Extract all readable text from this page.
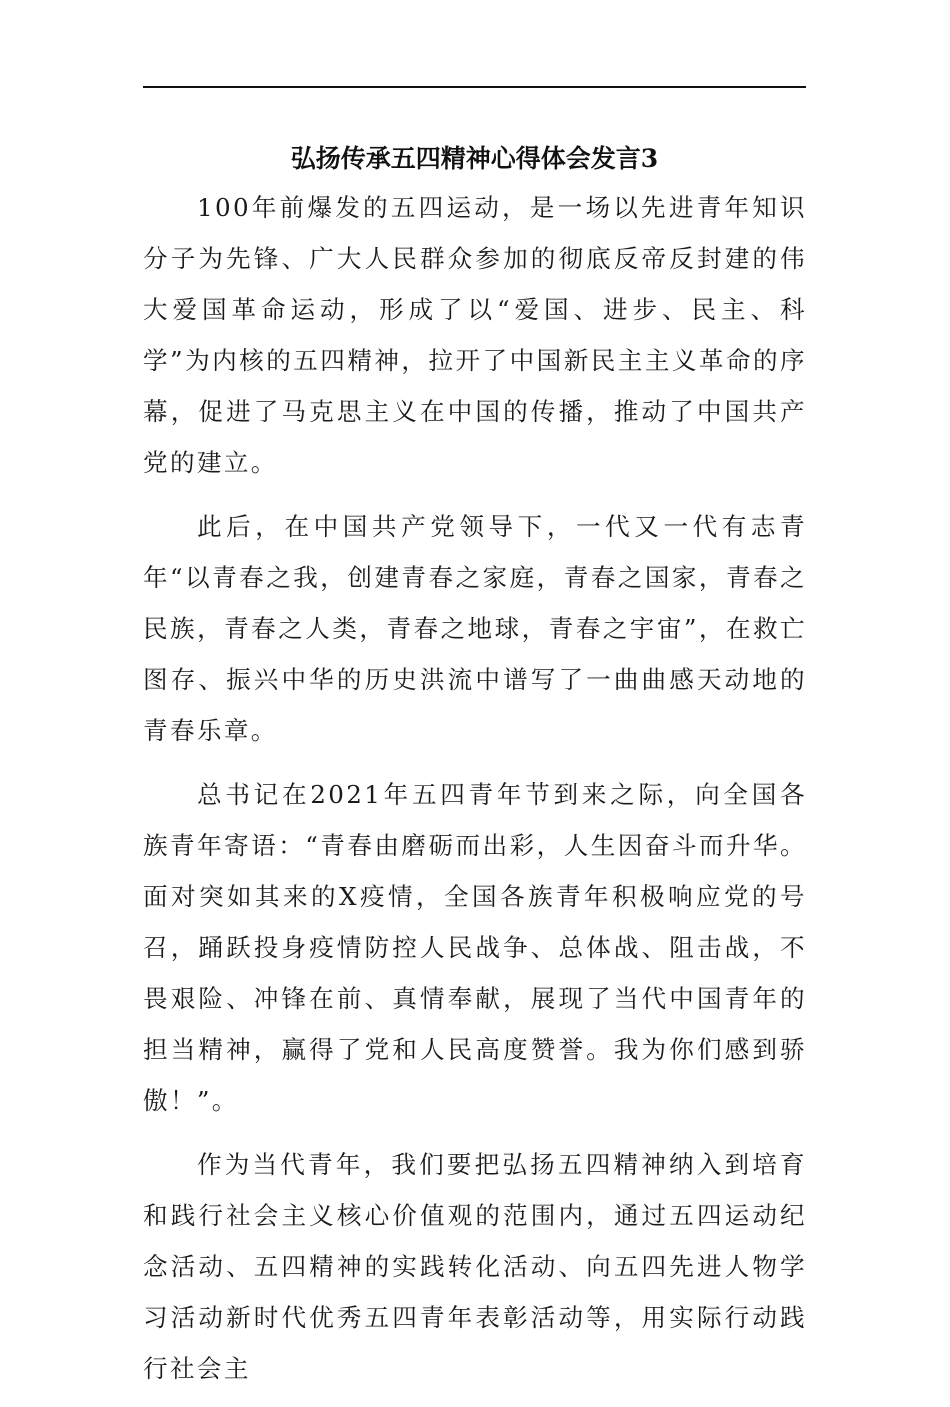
弘扬传承五四精神心得体会发言3

100年前爆发的五四运动，是一场以先进青年知识分子为先锋、广大人民群众参加的彻底反帝反封建的伟大爱国革命运动，形成了以“爱国、进步、民主、科学”为内核的五四精神，拉开了中国新民主主义革命的序幕，促进了马克思主义在中国的传播，推动了中国共产党的建立。

此后，在中国共产党领导下，一代又一代有志青年“以青春之我，创建青春之家庭，青春之国家，青春之民族，青春之人类，青春之地球，青春之宇宙”，在救亡图存、振兴中华的历史洪流中谱写了一曲曲感天动地的青春乐章。

总书记在2021年五四青年节到来之际，向全国各族青年寄语：“青春由磨砺而出彩，人生因奋斗而升华。面对突如其来的X疫情，全国各族青年积极响应党的号召，踊跃投身疫情防控人民战争、总体战、阻击战，不畏艰险、冲锋在前、真情奉献，展现了当代中国青年的担当精神，赢得了党和人民高度赞誉。我为你们感到骄傲！”。

作为当代青年，我们要把弘扬五四精神纳入到培育和践行社会主义核心价值观的范围内，通过五四运动纪念活动、五四精神的实践转化活动、向五四先进人物学习活动新时代优秀五四青年表彰活动等，用实际行动践行社会主
